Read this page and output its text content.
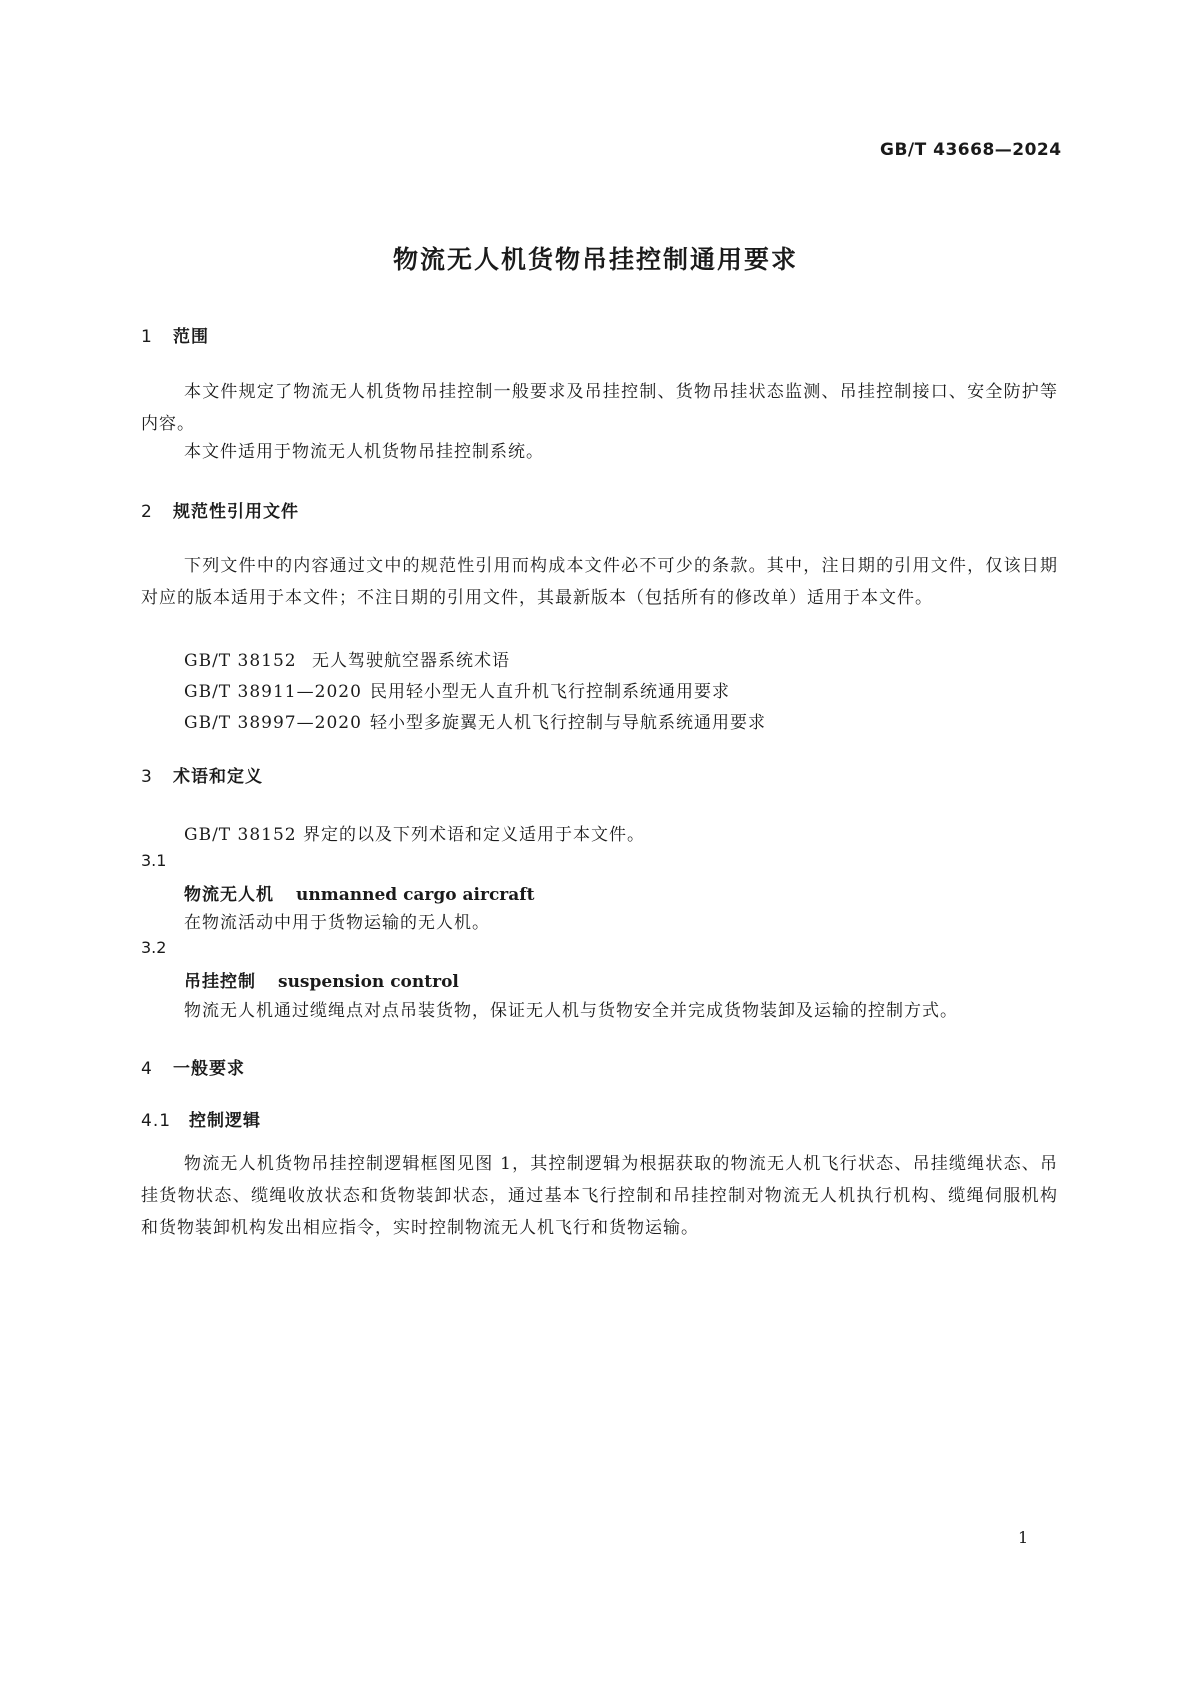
GB/T 43668—2024
物流无人机货物吊挂控制通用要求
1 范围
本文件规定了物流无人机货物吊挂控制一般要求及吊挂控制、货物吊挂状态监测、吊挂控制接口、安全防护等内容。
本文件适用于物流无人机货物吊挂控制系统。
2 规范性引用文件
下列文件中的内容通过文中的规范性引用而构成本文件必不可少的条款。其中，注日期的引用文件，仅该日期对应的版本适用于本文件；不注日期的引用文件，其最新版本（包括所有的修改单）适用于本文件。
GB/T 38152 无人驾驶航空器系统术语
GB/T 38911—2020 民用轻小型无人直升机飞行控制系统通用要求
GB/T 38997—2020 轻小型多旋翼无人机飞行控制与导航系统通用要求
3 术语和定义
GB/T 38152 界定的以及下列术语和定义适用于本文件。
3.1
物流无人机 unmanned cargo aircraft
在物流活动中用于货物运输的无人机。
3.2
吊挂控制 suspension control
物流无人机通过缆绳点对点吊装货物，保证无人机与货物安全并完成货物装卸及运输的控制方式。
4 一般要求
4.1 控制逻辑
物流无人机货物吊挂控制逻辑框图见图 1，其控制逻辑为根据获取的物流无人机飞行状态、吊挂缆绳状态、吊挂货物状态、缆绳收放状态和货物装卸状态，通过基本飞行控制和吊挂控制对物流无人机执行机构、缆绳伺服机构和货物装卸机构发出相应指令，实时控制物流无人机飞行和货物运输。
1
